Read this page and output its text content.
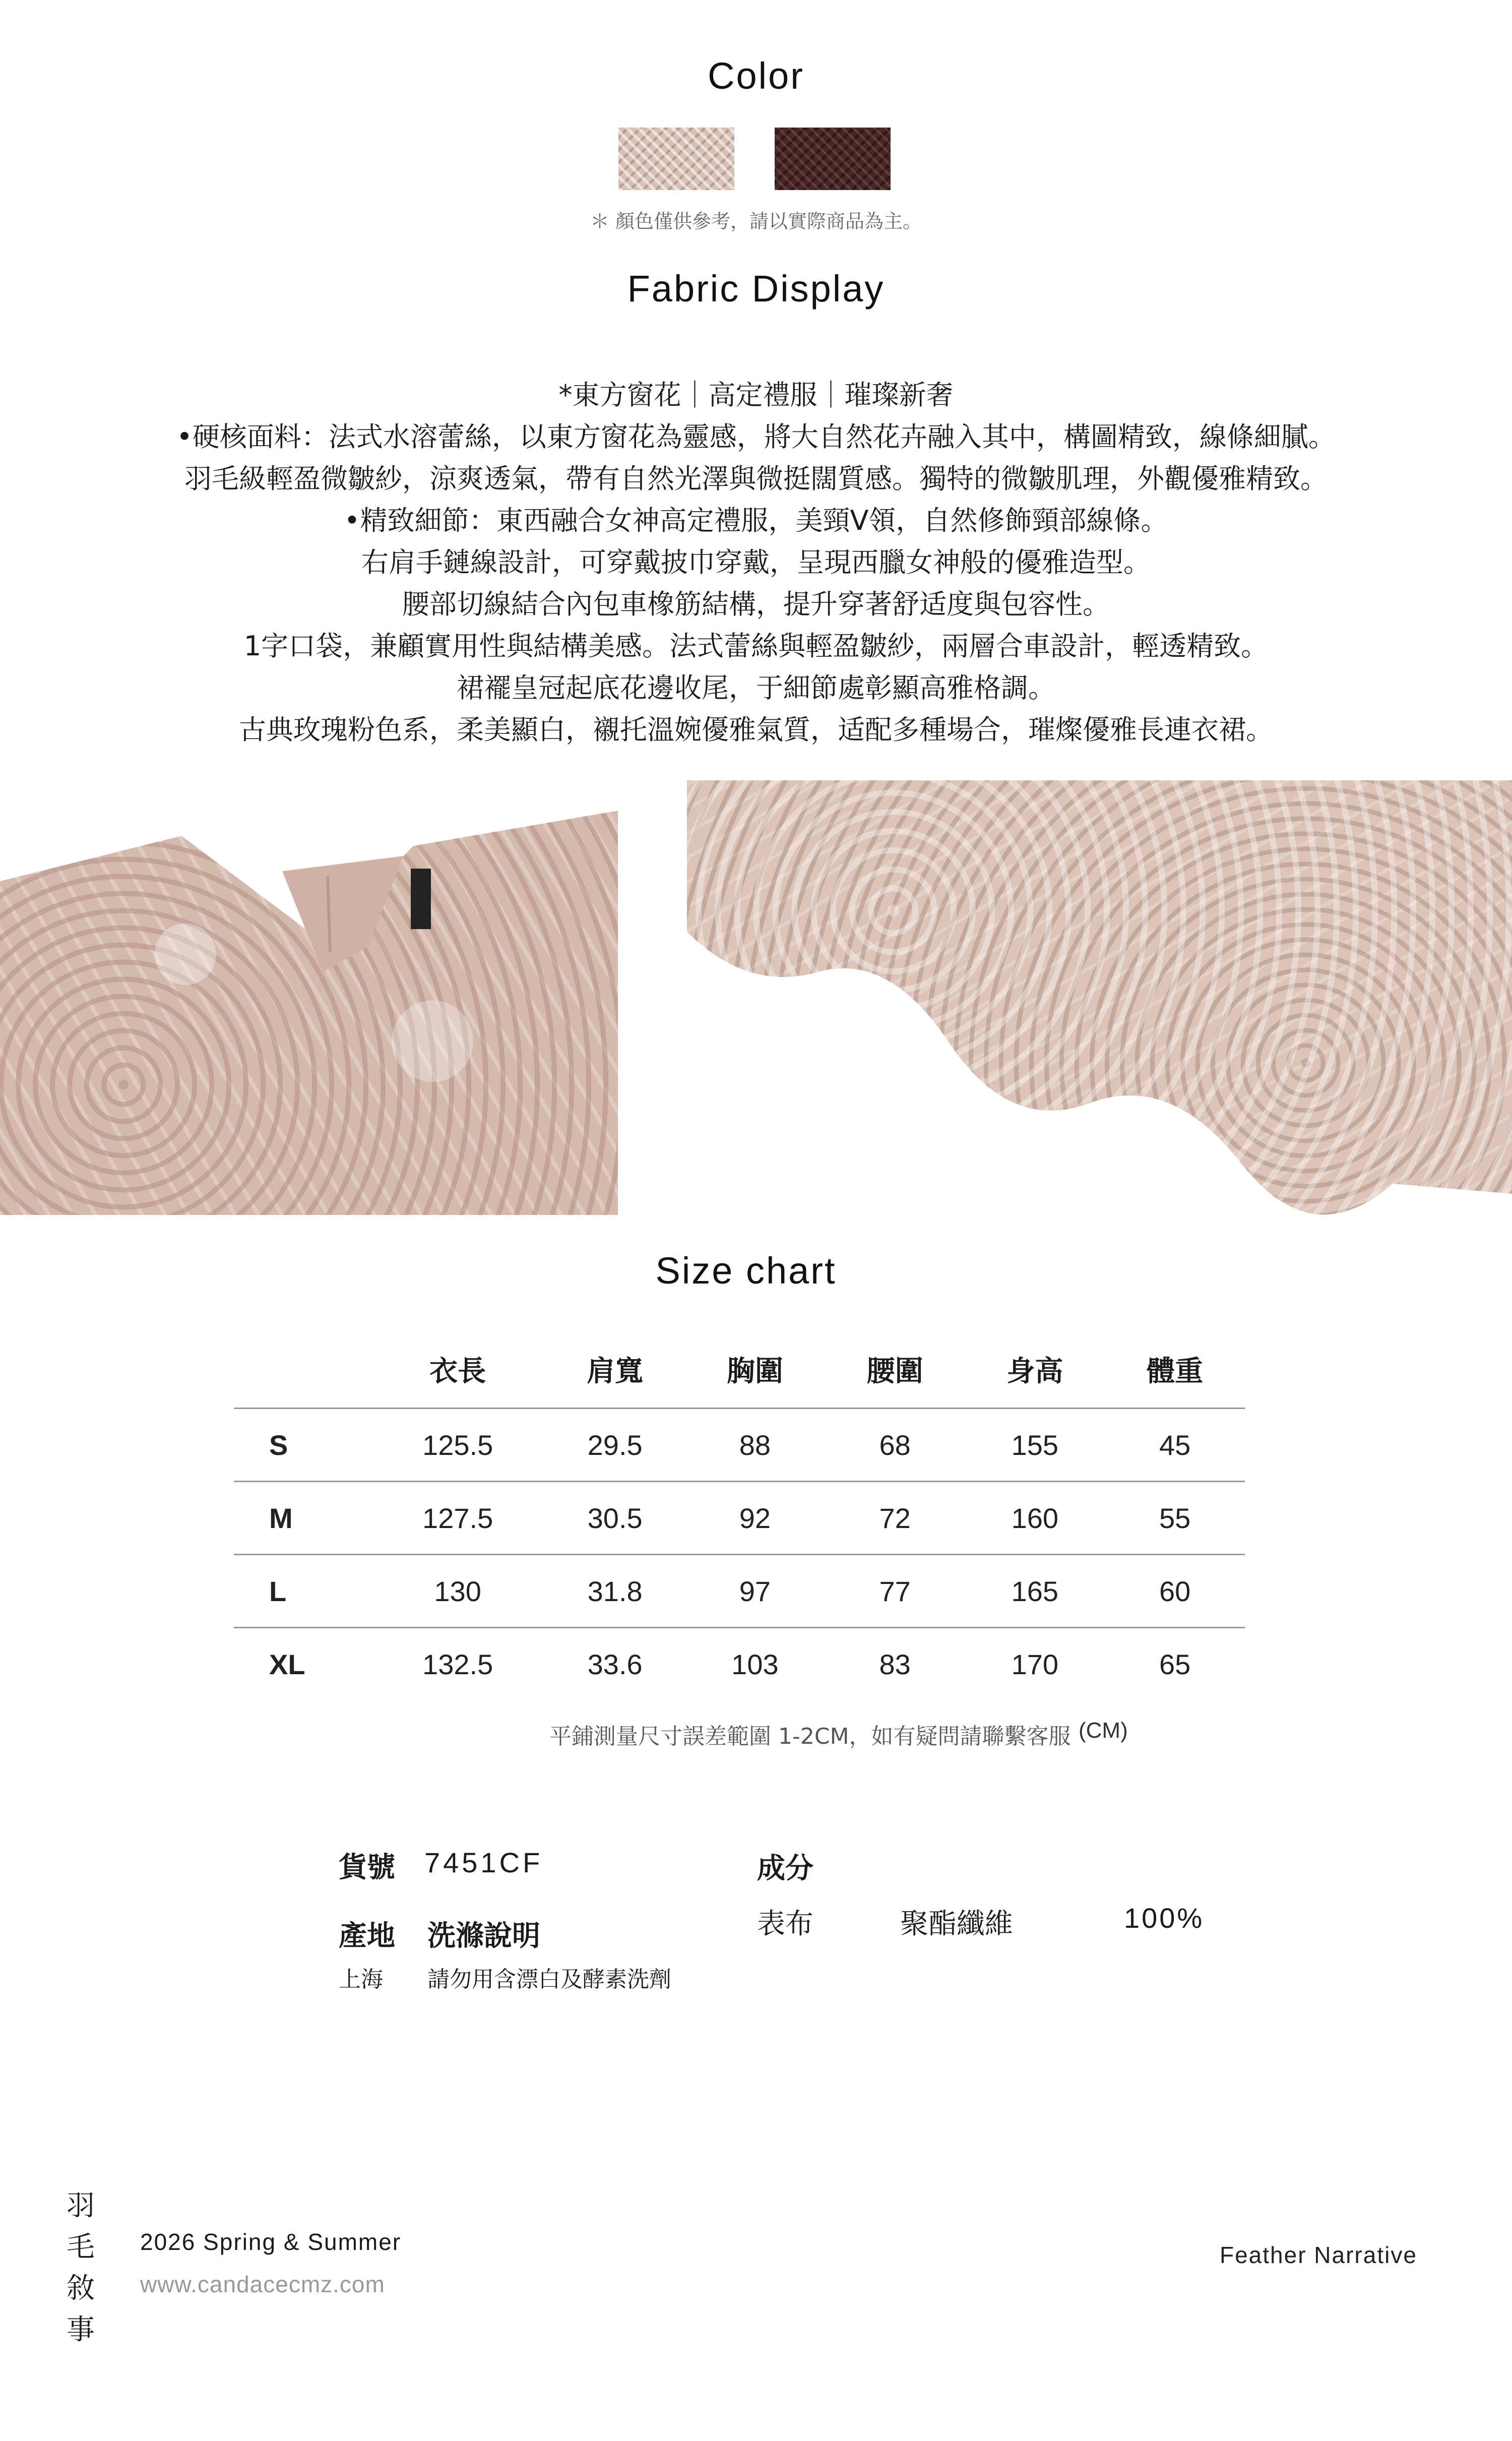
Color
＊ 顏色僅供參考，請以實際商品為主。
Fabric Display
*東方窗花｜高定禮服｜璀璨新奢
•硬核面料：法式水溶蕾絲，以東方窗花為靈感，將大自然花卉融入其中，構圖精致，線條細膩。
羽毛級輕盈微皺紗，涼爽透氣，帶有自然光澤與微挺闊質感。獨特的微皺肌理，外觀優雅精致。
•精致細節：東西融合女神高定禮服，美頸V領，自然修飾頸部線條。
右肩手鏈線設計，可穿戴披巾穿戴，呈現西臘女神般的優雅造型。
腰部切線結合內包車橡筋結構，提升穿著舒适度與包容性。
1字口袋，兼顧實用性與結構美感。法式蕾絲與輕盈皺紗，兩層合車設計，輕透精致。
裙襬皇冠起底花邊收尾，于細節處彰顯高雅格調。
古典玫瑰粉色系，柔美顯白，襯托溫婉優雅氣質，适配多種場合，璀燦優雅長連衣裙。
Size chart
	衣長	肩寬	胸圍	腰圍	身高	體重
S	125.5	29.5	88	68	155	45
M	127.5	30.5	92	72	160	55
L	130	31.8	97	77	165	60
XL	132.5	33.6	103	83	170	65
平鋪測量尺寸誤差範圍 1-2CM，如有疑問請聯繫客服 (CM)
貨號 7451CF	成分
產地 洗滌說明	表布	聚酯纖維	100%
上海 請勿用含漂白及酵素洗劑
羽
毛
敘
事
2026 Spring & Summer
www.candacecmz.com
Feather Narrative
